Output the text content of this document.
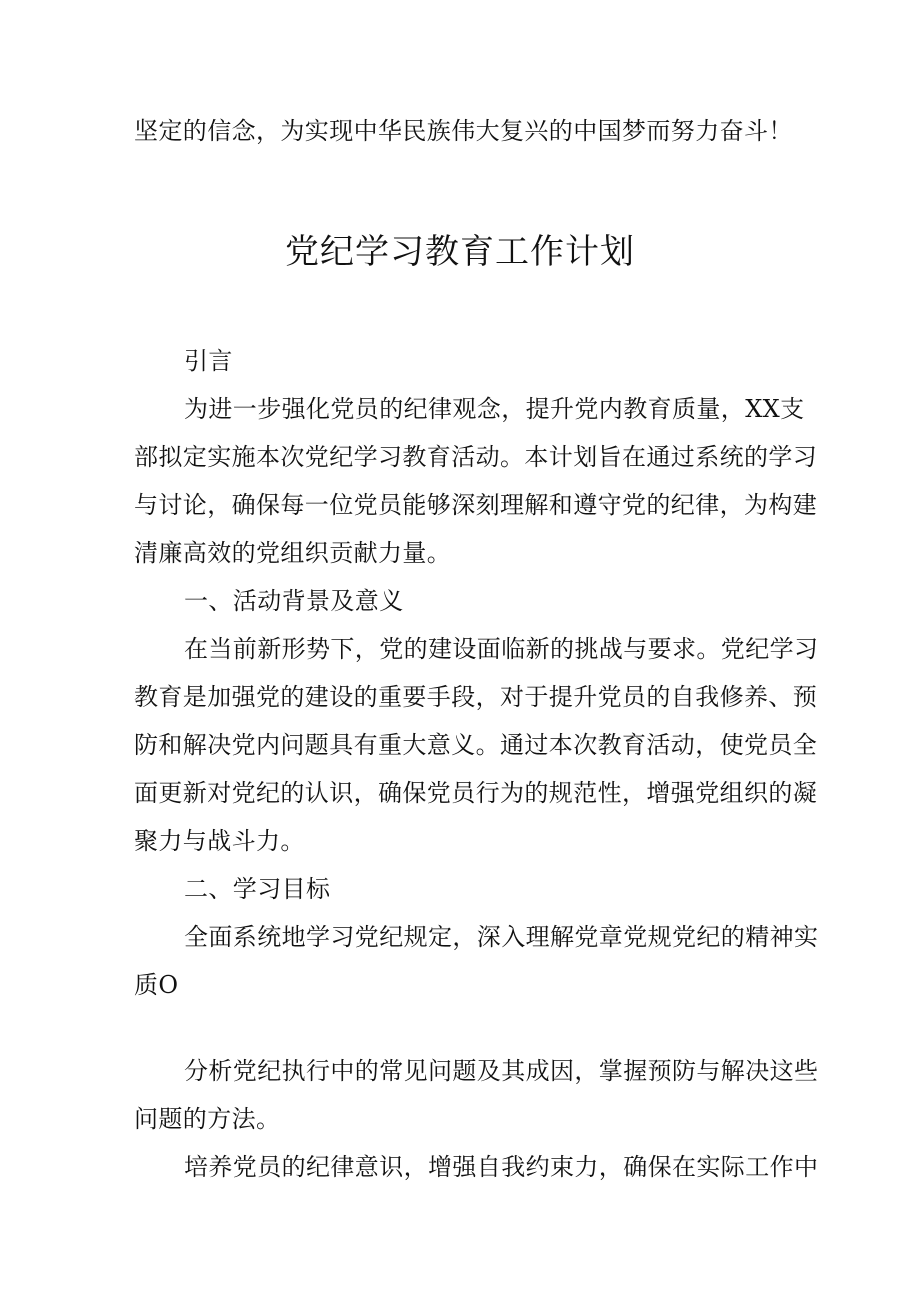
坚定的信念，为实现中华民族伟大复兴的中国梦而努力奋斗！
党纪学习教育工作计划
引言
为进一步强化党员的纪律观念，提升党内教育质量，XX支
部拟定实施本次党纪学习教育活动。本计划旨在通过系统的学习
与讨论，确保每一位党员能够深刻理解和遵守党的纪律，为构建
清廉高效的党组织贡献力量。
一、活动背景及意义
在当前新形势下，党的建设面临新的挑战与要求。党纪学习
教育是加强党的建设的重要手段，对于提升党员的自我修养、预
防和解决党内问题具有重大意义。通过本次教育活动，使党员全
面更新对党纪的认识，确保党员行为的规范性，增强党组织的凝
聚力与战斗力。
二、学习目标
全面系统地学习党纪规定，深入理解党章党规党纪的精神实
质O
分析党纪执行中的常见问题及其成因，掌握预防与解决这些
问题的方法。
培养党员的纪律意识，增强自我约束力，确保在实际工作中
